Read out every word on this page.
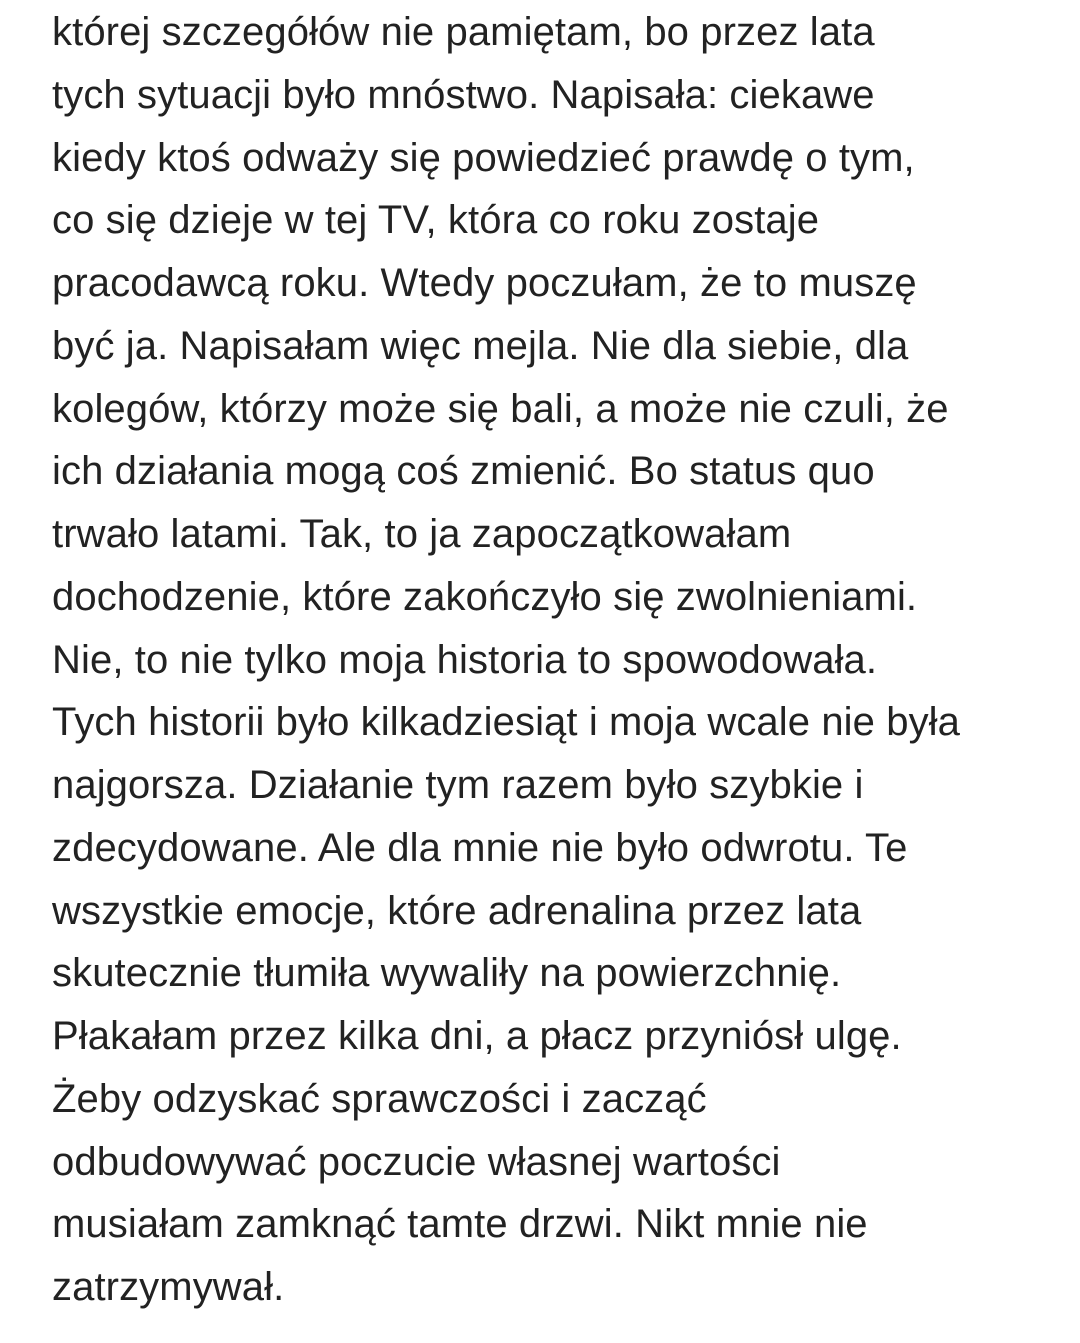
której szczegółów nie pamiętam, bo przez lata

tych sytuacji było mnóstwo. Napisała: ciekawe

kiedy ktoś odważy się powiedzieć prawdę o tym,

co się dzieje w tej TV, która co roku zostaje

pracodawcą roku. Wtedy poczułam, że to muszę

być ja. Napisałam więc mejla. Nie dla siebie, dla

kolegów, którzy może się bali, a może nie czuli, że

ich działania mogą coś zmienić. Bo status quo

trwało latami. Tak, to ja zapoczątkowałam

dochodzenie, które zakończyło się zwolnieniami.

Nie, to nie tylko moja historia to spowodowała.

Tych historii było kilkadziesiąt i moja wcale nie była

najgorsza. Działanie tym razem było szybkie i

zdecydowane. Ale dla mnie nie było odwrotu. Te

wszystkie emocje, które adrenalina przez lata

skutecznie tłumiła wywaliły na powierzchnię.

Płakałam przez kilka dni, a płacz przyniósł ulgę.

Żeby odzyskać sprawczości i zacząć

odbudowywać poczucie własnej wartości

musiałam zamknąć tamte drzwi. Nikt mnie nie

zatrzymywał.
